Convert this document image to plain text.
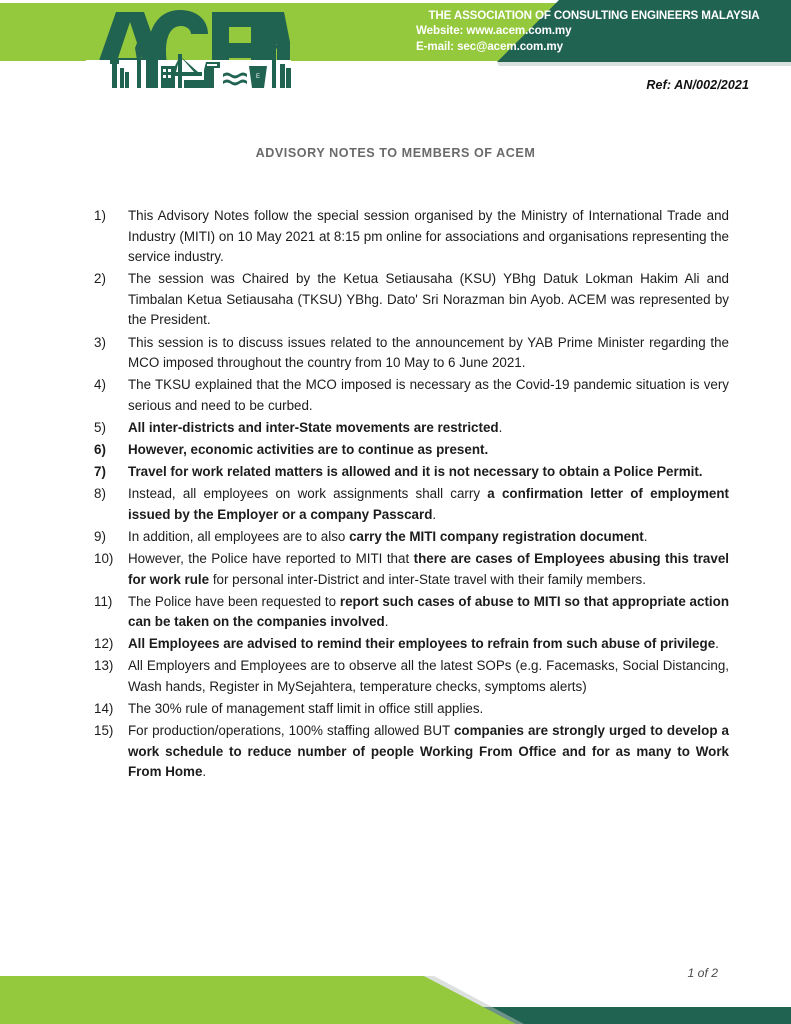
THE ASSOCIATION OF CONSULTING ENGINEERS MALAYSIA
Website: www.acem.com.my
E-mail: sec@acem.com.my
E
Ref: AN/002/2021
ADVISORY NOTES TO MEMBERS OF ACEM
1)	This Advisory Notes follow the special session organised by the Ministry of International Trade and Industry (MITI) on 10 May 2021 at 8:15 pm online for associations and organisations representing the service industry.
2)	The session was Chaired by the Ketua Setiausaha (KSU) YBhg Datuk Lokman Hakim Ali and Timbalan Ketua Setiausaha (TKSU) YBhg. Dato' Sri Norazman bin Ayob. ACEM was represented by the President.
3)	This session is to discuss issues related to the announcement by YAB Prime Minister regarding the MCO imposed throughout the country from 10 May to 6 June 2021.
4)	The TKSU explained that the MCO imposed is necessary as the Covid-19 pandemic situation is very serious and need to be curbed.
5)	All inter-districts and inter-State movements are restricted.
6)	However, economic activities are to continue as present.
7)	Travel for work related matters is allowed and it is not necessary to obtain a Police Permit.
8)	Instead, all employees on work assignments shall carry a confirmation letter of employment issued by the Employer or a company Passcard.
9)	In addition, all employees are to also carry the MITI company registration document.
10)	However, the Police have reported to MITI that there are cases of Employees abusing this travel for work rule for personal inter-District and inter-State travel with their family members.
11)	The Police have been requested to report such cases of abuse to MITI so that appropriate action can be taken on the companies involved.
12)	All Employees are advised to remind their employees to refrain from such abuse of privilege.
13)	All Employers and Employees are to observe all the latest SOPs (e.g. Facemasks, Social Distancing, Wash hands, Register in MySejahtera, temperature checks, symptoms alerts)
14)	The 30% rule of management staff limit in office still applies.
15)	For production/operations, 100% staffing allowed BUT companies are strongly urged to develop a work schedule to reduce number of people Working From Office and for as many to Work From Home.
1 of 2
